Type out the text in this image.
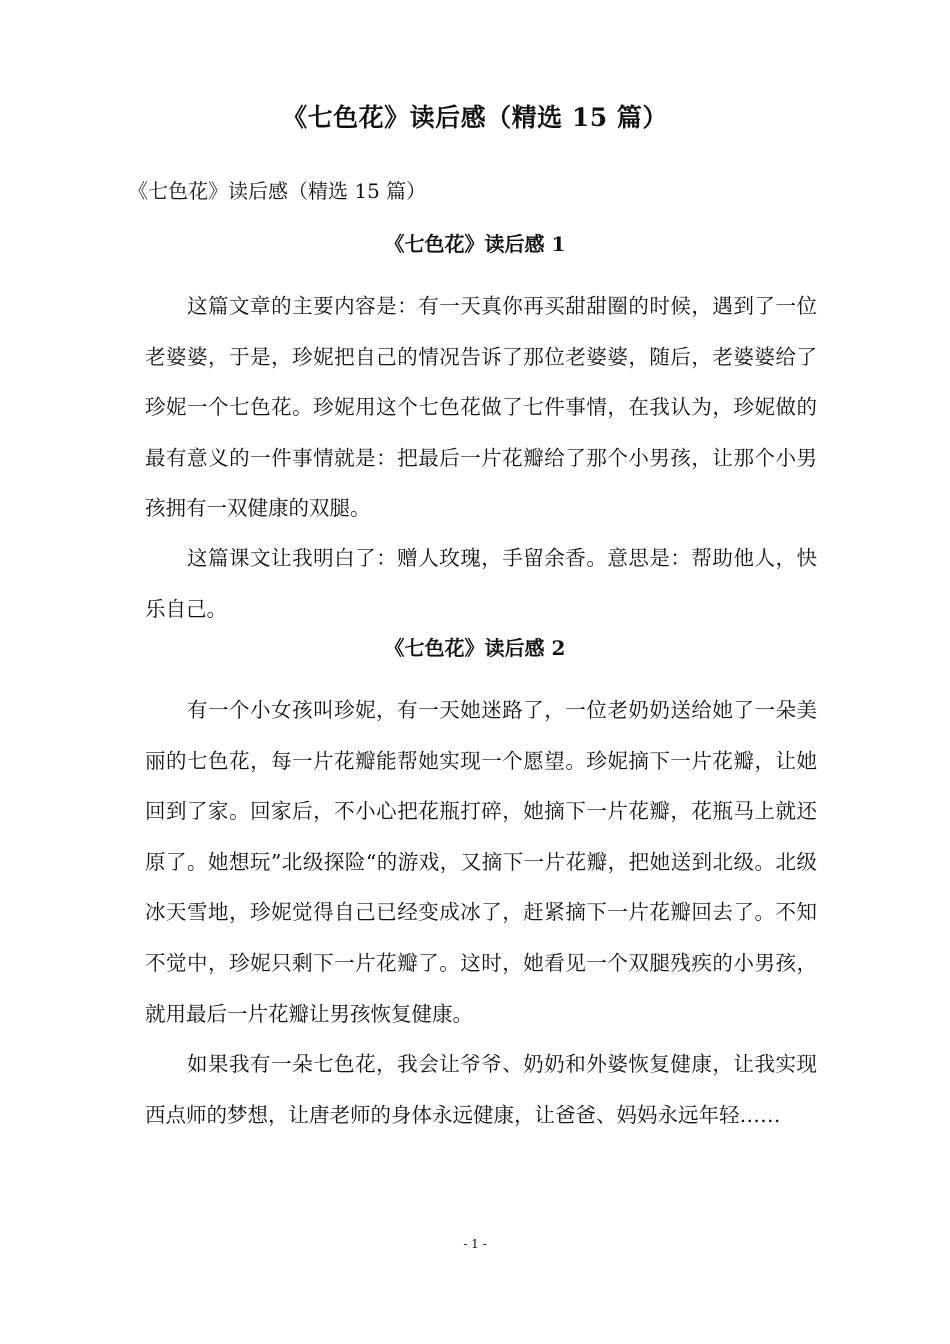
《七色花》读后感（精选 15 篇）

《七色花》读后感（精选 15 篇）

《七色花》读后感 1

这篇文章的主要内容是：有一天真你再买甜甜圈的时候，遇到了一位老婆婆，于是，珍妮把自己的情况告诉了那位老婆婆，随后，老婆婆给了珍妮一个七色花。珍妮用这个七色花做了七件事情，在我认为，珍妮做的最有意义的一件事情就是：把最后一片花瓣给了那个小男孩，让那个小男孩拥有一双健康的双腿。

这篇课文让我明白了：赠人玫瑰，手留余香。意思是：帮助他人，快乐自己。

《七色花》读后感 2

有一个小女孩叫珍妮，有一天她迷路了，一位老奶奶送给她了一朵美丽的七色花，每一片花瓣能帮她实现一个愿望。珍妮摘下一片花瓣，让她回到了家。回家后，不小心把花瓶打碎，她摘下一片花瓣，花瓶马上就还原了。她想玩”北级探险“的游戏，又摘下一片花瓣，把她送到北级。北级冰天雪地，珍妮觉得自己已经变成冰了，赶紧摘下一片花瓣回去了。不知不觉中，珍妮只剩下一片花瓣了。这时，她看见一个双腿残疾的小男孩，就用最后一片花瓣让男孩恢复健康。

如果我有一朵七色花，我会让爷爷、奶奶和外婆恢复健康，让我实现西点师的梦想，让唐老师的身体永远健康，让爸爸、妈妈永远年轻……

- 1 -
